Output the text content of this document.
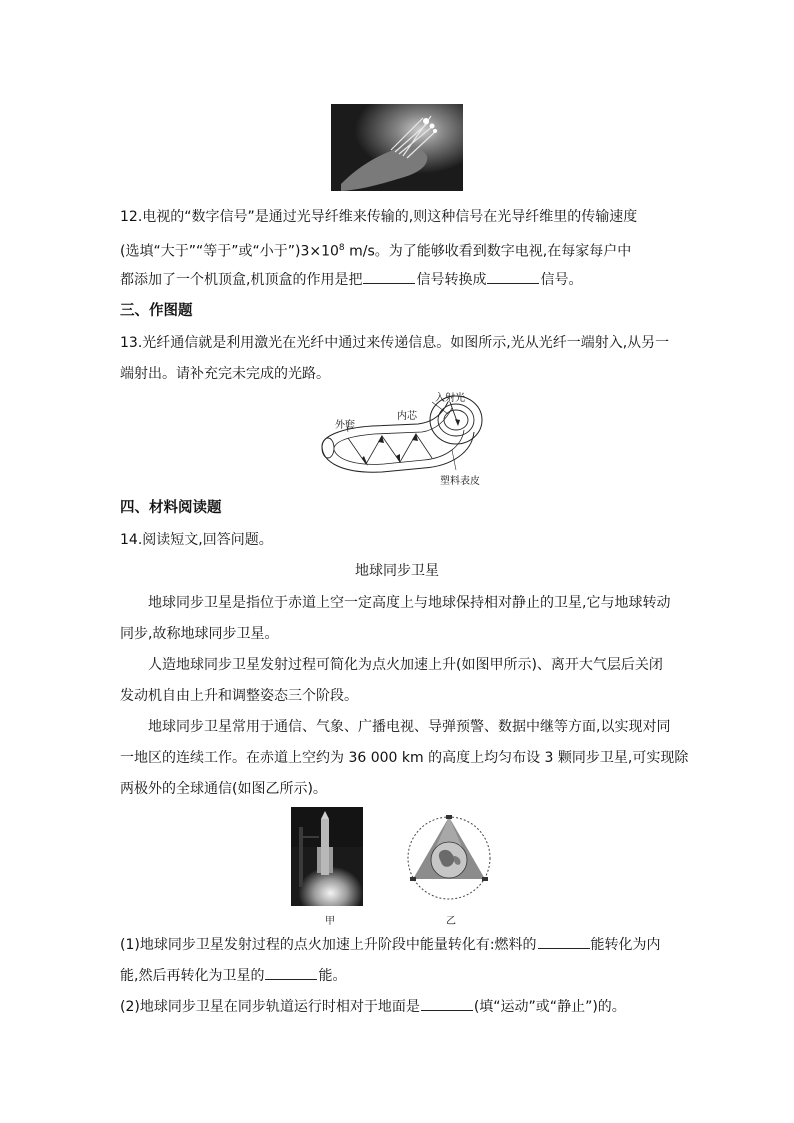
12.电视的“数字信号”是通过光导纤维来传输的,则这种信号在光导纤维里的传输速度
(选填“大于”“等于”或“小于$”)3\times 10^8$ m/s。为了能够收看到数字电视,在每家每户中
都添加了一个机顶盒,机顶盒的作用是把	信号转换成	信号。
三、作图题
13.光纤通信就是利用激光在光纤中通过来传递信息。如图所示,光从光纤一端射入,从另一
端射出。请补充完未完成的光路。
入射光
内芯
外套
塑料表皮
四、材料阅读题
14.阅读短文,回答问题。
地球同步卫星
地球同步卫星是指位于赤道上空一定高度上与地球保持相对静止的卫星,它与地球转动
同步,故称地球同步卫星。
人造地球同步卫星发射过程可简化为点火加速上升(如图甲所示)、离开大气层后关闭
发动机自由上升和调整姿态三个阶段。
地球同步卫星常用于通信、气象、广播电视、导弹预警、数据中继等方面,以实现对同
一地区的连续工作。在赤道上空约为 36 000 km 的高度上均匀布设 3 颗同步卫星,可实现除
两极外的全球通信(如图乙所示)。
甲	乙
(1)地球同步卫星发射过程的点火加速上升阶段中能量转化有:燃料的	能转化为内
能,然后再转化为卫星的	能。
(2)地球同步卫星在同步轨道运行时相对于地面是	(填“运动”或“静止”)的。
